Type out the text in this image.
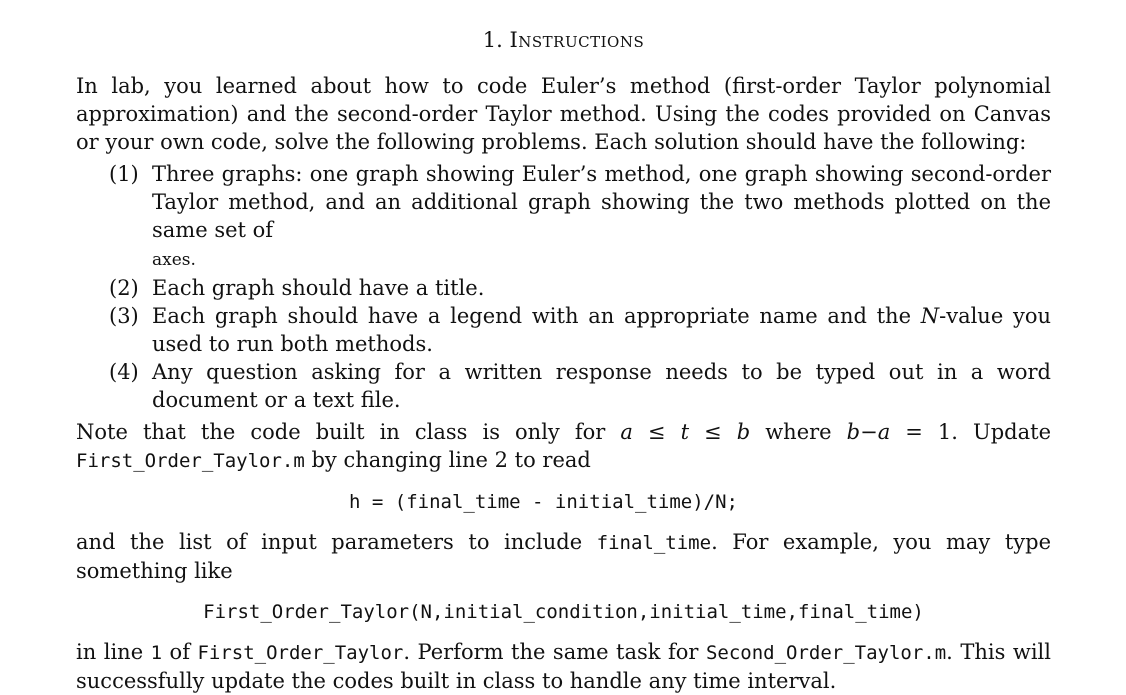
1. Instructions

In lab, you learned about how to code Euler’s method (first-order Taylor polynomial approximation) and the second-order Taylor method. Using the codes provided on Canvas or your own code, solve the following problems. Each solution should have the following:

(1) Three graphs: one graph showing Euler’s method, one graph showing second-order Taylor method, and an additional graph showing the two methods plotted on the same set of
axes.
(2) Each graph should have a title.
(3) Each graph should have a legend with an appropriate name and the N-value you used to run both methods.
(4) Any question asking for a written response needs to be typed out in a word document or a text file.

Note that the code built in class is only for a ≤ t ≤ b where b−a = 1. Update First_Order_Taylor.m by changing line 2 to read

h = (final_time - initial_time)/N;

and the list of input parameters to include final_time. For example, you may type something like

First_Order_Taylor(N,initial_condition,initial_time,final_time)

in line 1 of First_Order_Taylor. Perform the same task for Second_Order_Taylor.m. This will successfully update the codes built in class to handle any time interval.
